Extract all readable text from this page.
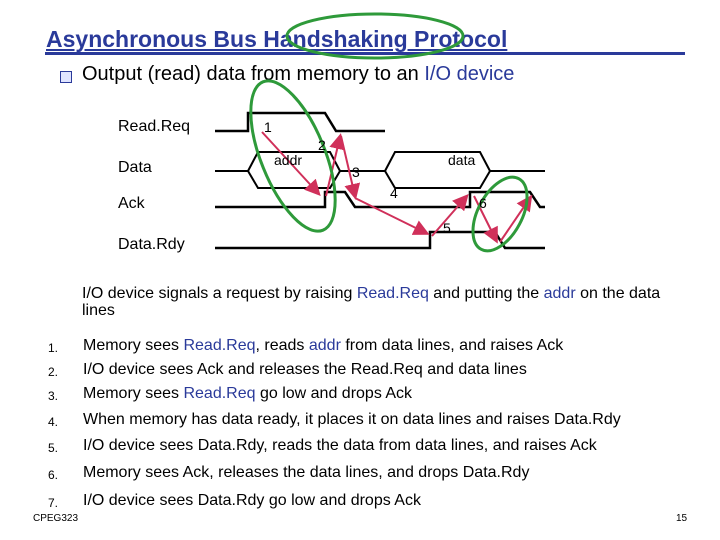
Asynchronous Bus Handshaking Protocol
Output (read) data from memory to an I/O device
Read.Req
Data
Ack
Data.Rdy
addr	data
1
2
3
4
5
6
I/O device signals a request by raising Read.Req and putting the addr on the data lines
1. Memory sees Read.Req, reads addr from data lines, and raises Ack
2. I/O device sees Ack and releases the Read.Req and data lines
3. Memory sees Read.Req go low and drops Ack
4. When memory has data ready, it places it on data lines and raises Data.Rdy
5. I/O device sees Data.Rdy, reads the data from data lines, and raises Ack
6. Memory sees Ack, releases the data lines, and drops Data.Rdy
7. I/O device sees Data.Rdy go low and drops Ack
CPEG323	15
